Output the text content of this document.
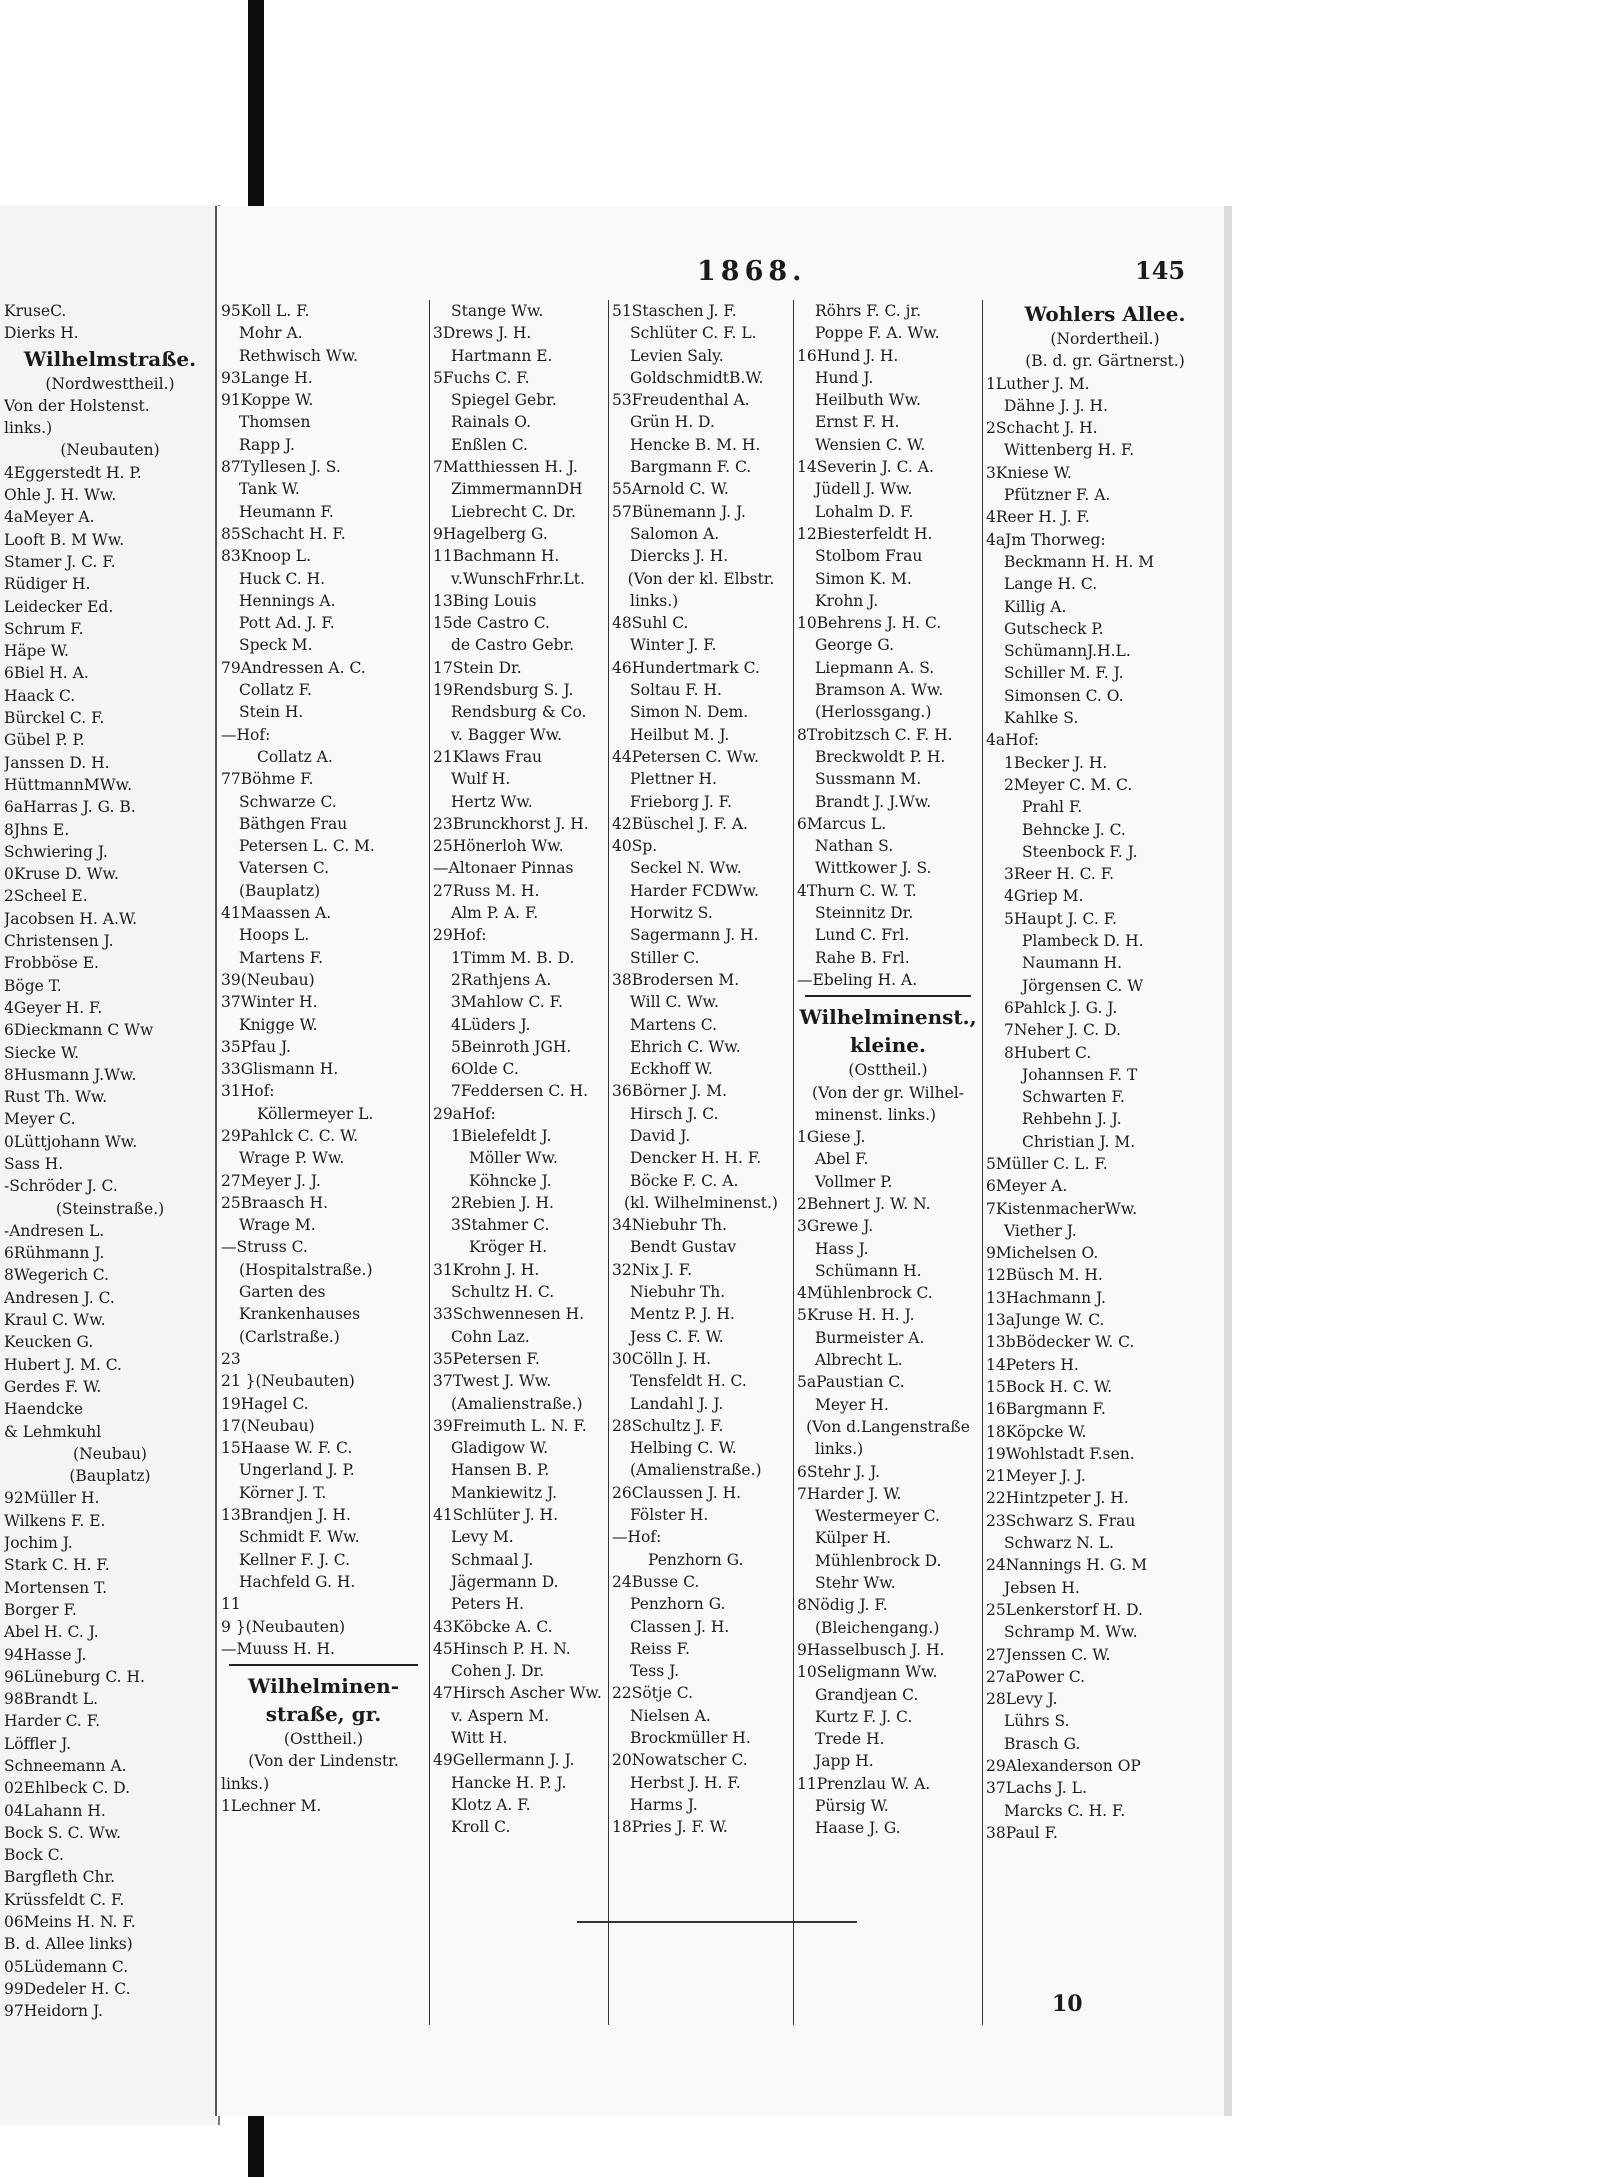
KruseC.
Dierks H.
Wilhelmstraße.
(Nordwesttheil.)
Von der Holstenst.
links.)
(Neubauten)
4Eggerstedt H. P.
Ohle J. H. Ww.
4aMeyer A.
Looft B. M Ww.
Stamer J. C. F.
Rüdiger H.
Leidecker Ed.
Schrum F.
Häpe W.
6Biel H. A.
Haack C.
Bürckel C. F.
Gübel P. P.
Janssen D. H.
HüttmannMWw.
6aHarras J. G. B.
8Jhns E.
Schwiering J.
0Kruse D. Ww.
2Scheel E.
Jacobsen H. A.W.
Christensen J.
Frobböse E.
Böge T.
4Geyer H. F.
6Dieckmann C Ww
Siecke W.
8Husmann J.Ww.
Rust Th. Ww.
Meyer C.
0Lüttjohann Ww.
Sass H.
-Schröder J. C.
(Steinstraße.)
-Andresen L.
6Rühmann J.
8Wegerich C.
Andresen J. C.
Kraul C. Ww.
Keucken G.
Hubert J. M. C.
Gerdes F. W.
Haendcke
& Lehmkuhl
(Neubau)
(Bauplatz)
92Müller H.
Wilkens F. E.
Jochim J.
Stark C. H. F.
Mortensen T.
Borger F.
Abel H. C. J.
94Hasse J.
96Lüneburg C. H.
98Brandt L.
Harder C. F.
Löffler J.
Schneemann A.
02Ehlbeck C. D.
04Lahann H.
Bock S. C. Ww.
Bock C.
Bargfleth Chr.
Krüssfeldt C. F.
06Meins H. N. F.
B. d. Allee links)
05Lüdemann C.
99Dedeler H. C.
97Heidorn J.
1868.	145
95Koll L. F.
Mohr A.
Rethwisch Ww.
93Lange H.
91Koppe W.
Thomsen
Rapp J.
87Tyllesen J. S.
Tank W.
Heumann F.
85Schacht H. F.
83Knoop L.
Huck C. H.
Hennings A.
Pott Ad. J. F.
Speck M.
79Andressen A. C.
Collatz F.
Stein H.
—Hof:
Collatz A.
77Böhme F.
Schwarze C.
Bäthgen Frau
Petersen L. C. M.
Vatersen C.
(Bauplatz)
41Maassen A.
Hoops L.
Martens F.
39(Neubau)
37Winter H.
Knigge W.
35Pfau J.
33Glismann H.
31Hof:
Köllermeyer L.
29Pahlck C. C. W.
Wrage P. Ww.
27Meyer J. J.
25Braasch H.
Wrage M.
—Struss C.
(Hospitalstraße.)
Garten des
Krankenhauses
(Carlstraße.)
23
21 }(Neubauten)
19Hagel C.
17(Neubau)
15Haase W. F. C.
Ungerland J. P.
Körner J. T.
13Brandjen J. H.
Schmidt F. Ww.
Kellner F. J. C.
Hachfeld G. H.
11
9 }(Neubauten)
—Muuss H. H.
Wilhelminen-
straße, gr.
(Osttheil.)
(Von der Lindenstr.
links.)
1Lechner M.
Stange Ww.
3Drews J. H.
Hartmann E.
5Fuchs C. F.
Spiegel Gebr.
Rainals O.
Enßlen C.
7Matthiessen H. J.
ZimmermannDH
Liebrecht C. Dr.
9Hagelberg G.
11Bachmann H.
v.WunschFrhr.Lt.
13Bing Louis
15de Castro C.
de Castro Gebr.
17Stein Dr.
19Rendsburg S. J.
Rendsburg & Co.
v. Bagger Ww.
21Klaws Frau
Wulf H.
Hertz Ww.
23Brunckhorst J. H.
25Hönerloh Ww.
—Altonaer Pinnas
27Russ M. H.
Alm P. A. F.
29Hof:
1Timm M. B. D.
2Rathjens A.
3Mahlow C. F.
4Lüders J.
5Beinroth JGH.
6Olde C.
7Feddersen C. H.
29aHof:
1Bielefeldt J.
Möller Ww.
Köhncke J.
2Rebien J. H.
3Stahmer C.
Kröger H.
31Krohn J. H.
Schultz H. C.
33Schwennesen H.
Cohn Laz.
35Petersen F.
37Twest J. Ww.
(Amalienstraße.)
39Freimuth L. N. F.
Gladigow W.
Hansen B. P.
Mankiewitz J.
41Schlüter J. H.
Levy M.
Schmaal J.
Jägermann D.
Peters H.
43Köbcke A. C.
45Hinsch P. H. N.
Cohen J. Dr.
47Hirsch Ascher Ww.
v. Aspern M.
Witt H.
49Gellermann J. J.
Hancke H. P. J.
Klotz A. F.
Kroll C.
51Staschen J. F.
Schlüter C. F. L.
Levien Saly.
GoldschmidtB.W.
53Freudenthal A.
Grün H. D.
Hencke B. M. H.
Bargmann F. C.
55Arnold C. W.
57Bünemann J. J.
Salomon A.
Diercks J. H.
(Von der kl. Elbstr.
links.)
48Suhl C.
Winter J. F.
46Hundertmark C.
Soltau F. H.
Simon N. Dem.
Heilbut M. J.
44Petersen C. Ww.
Plettner H.
Frieborg J. F.
42Büschel J. F. A.
40Sp.
Seckel N. Ww.
Harder FCDWw.
Horwitz S.
Sagermann J. H.
Stiller C.
38Brodersen M.
Will C. Ww.
Martens C.
Ehrich C. Ww.
Eckhoff W.
36Börner J. M.
Hirsch J. C.
David J.
Dencker H. H. F.
Böcke F. C. A.
(kl. Wilhelminenst.)
34Niebuhr Th.
Bendt Gustav
32Nix J. F.
Niebuhr Th.
Mentz P. J. H.
Jess C. F. W.
30Cölln J. H.
Tensfeldt H. C.
Landahl J. J.
28Schultz J. F.
Helbing C. W.
(Amalienstraße.)
26Claussen J. H.
Fölster H.
—Hof:
Penzhorn G.
24Busse C.
Penzhorn G.
Classen J. H.
Reiss F.
Tess J.
22Sötje C.
Nielsen A.
Brockmüller H.
20Nowatscher C.
Herbst J. H. F.
Harms J.
18Pries J. F. W.
Röhrs F. C. jr.
Poppe F. A. Ww.
16Hund J. H.
Hund J.
Heilbuth Ww.
Ernst F. H.
Wensien C. W.
14Severin J. C. A.
Jüdell J. Ww.
Lohalm D. F.
12Biesterfeldt H.
Stolbom Frau
Simon K. M.
Krohn J.
10Behrens J. H. C.
George G.
Liepmann A. S.
Bramson A. Ww.
(Herlossgang.)
8Trobitzsch C. F. H.
Breckwoldt P. H.
Sussmann M.
Brandt J. J.Ww.
6Marcus L.
Nathan S.
Wittkower J. S.
4Thurn C. W. T.
Steinnitz Dr.
Lund C. Frl.
Rahe B. Frl.
—Ebeling H. A.
Wilhelminenst.,
kleine.
(Osttheil.)
(Von der gr. Wilhel-
minenst. links.)
1Giese J.
Abel F.
Vollmer P.
2Behnert J. W. N.
3Grewe J.
Hass J.
Schümann H.
4Mühlenbrock C.
5Kruse H. H. J.
Burmeister A.
Albrecht L.
5aPaustian C.
Meyer H.
(Von d.Langenstraße
links.)
6Stehr J. J.
7Harder J. W.
Westermeyer C.
Külper H.
Mühlenbrock D.
Stehr Ww.
8Nödig J. F.
(Bleichengang.)
9Hasselbusch J. H.
10Seligmann Ww.
Grandjean C.
Kurtz F. J. C.
Trede H.
Japp H.
11Prenzlau W. A.
Pürsig W.
Haase J. G.
Wohlers Allee.
(Nordertheil.)
(B. d. gr. Gärtnerst.)
1Luther J. M.
Dähne J. J. H.
2Schacht J. H.
Wittenberg H. F.
3Kniese W.
Pfützner F. A.
4Reer H. J. F.
4aJm Thorweg:
Beckmann H. H. M
Lange H. C.
Killig A.
Gutscheck P.
SchümannJ.H.L.
Schiller M. F. J.
Simonsen C. O.
Kahlke S.
4aHof:
1Becker J. H.
2Meyer C. M. C.
Prahl F.
Behncke J. C.
Steenbock F. J.
3Reer H. C. F.
4Griep M.
5Haupt J. C. F.
Plambeck D. H.
Naumann H.
Jörgensen C. W
6Pahlck J. G. J.
7Neher J. C. D.
8Hubert C.
Johannsen F. T
Schwarten F.
Rehbehn J. J.
Christian J. M.
5Müller C. L. F.
6Meyer A.
7KistenmacherWw.
Viether J.
9Michelsen O.
12Büsch M. H.
13Hachmann J.
13aJunge W. C.
13bBödecker W. C.
14Peters H.
15Bock H. C. W.
16Bargmann F.
18Köpcke W.
19Wohlstadt F.sen.
21Meyer J. J.
22Hintzpeter J. H.
23Schwarz S. Frau
Schwarz N. L.
24Nannings H. G. M
Jebsen H.
25Lenkerstorf H. D.
Schramp M. Ww.
27Jenssen C. W.
27aPower C.
28Levy J.
Lührs S.
Brasch G.
29Alexanderson OP
37Lachs J. L.
Marcks C. H. F.
38Paul F.
10
